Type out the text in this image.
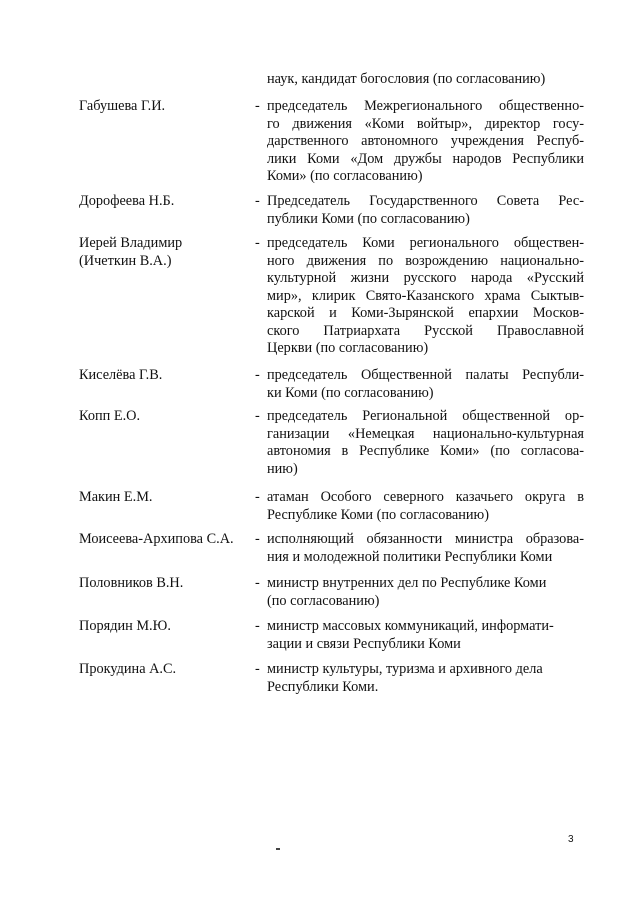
наук, кандидат богословия (по согласованию)
Габушева Г.И.	- председатель Межрегионального общественно-
го движения «Коми войтыр», директор госу-
дарственного автономного учреждения Респуб-
лики Коми «Дом дружбы народов Республики
Коми» (по согласованию)
Дорофеева Н.Б.	- Председатель Государственного Совета Рес-
публики Коми (по согласованию)
Иерей Владимир
(Ичеткин В.А.)
- председатель Коми регионального обществен-
ного движения по возрождению национально-
культурной жизни русского народа «Русский
мир», клирик Свято-Казанского храма Сыктыв-
карской и Коми-Зырянской епархии Москов-
ского Патриархата Русской Православной
Церкви (по согласованию)
Киселёва Г.В.	- председатель Общественной палаты Республи-
ки Коми (по согласованию)
Копп Е.О.	- председатель Региональной общественной ор-
ганизации «Немецкая национально-культурная
автономия в Республике Коми» (по согласова-
нию)
Макин Е.М.	- атаман Особого северного казачьего округа в
Республике Коми (по согласованию)
Моисеева-Архипова С.А.	- исполняющий обязанности министра образова-
ния и молодежной политики Республики Коми
Половников В.Н.	- министр внутренних дел по Республике Коми
(по согласованию)
Порядин М.Ю.	- министр массовых коммуникаций, информати-
зации и связи Республики Коми
Прокудина А.С.	- министр культуры, туризма и архивного дела
Республики Коми.
3
